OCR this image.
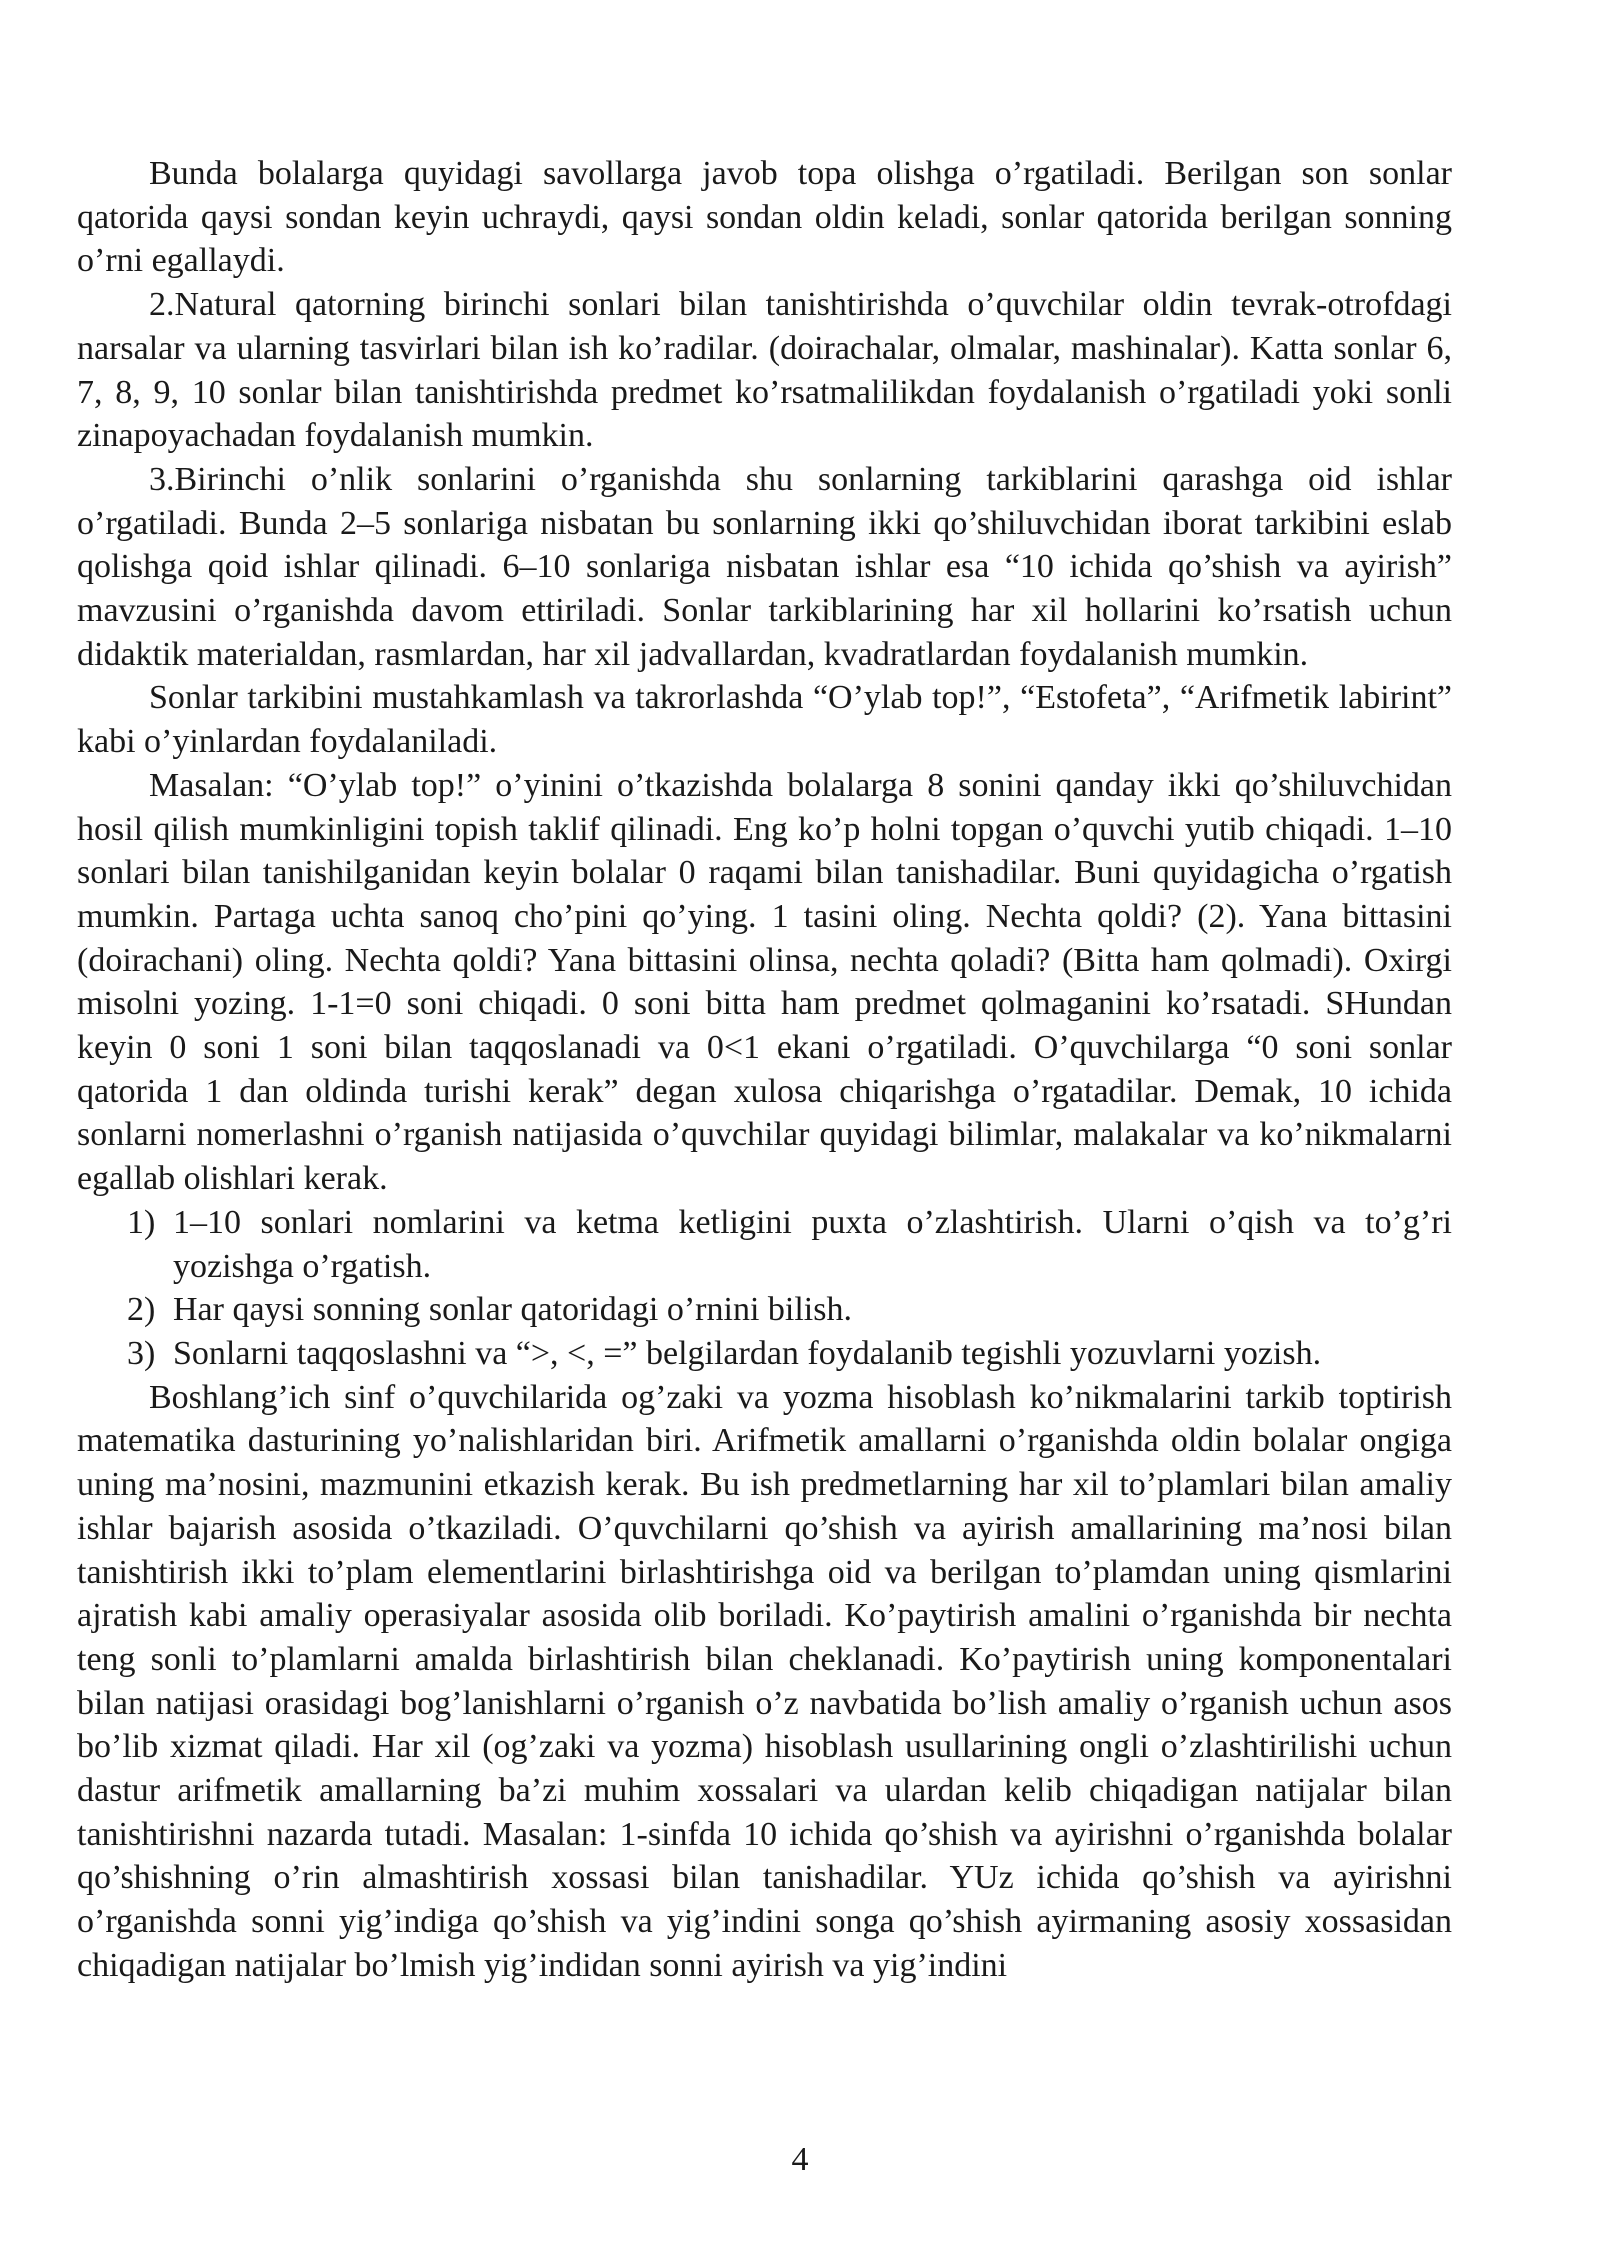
Bunda bolalarga quyidagi savollarga javob topa olishga o’rgatiladi. Berilgan son sonlar qatorida qaysi sondan keyin uchraydi, qaysi sondan oldin keladi, sonlar qatorida berilgan sonning o’rni egallaydi.

2.Natural qatorning birinchi sonlari bilan tanishtirishda o’quvchilar oldin tevrak-otrofdagi narsalar va ularning tasvirlari bilan ish ko’radilar. (doirachalar, olmalar, mashinalar). Katta sonlar 6, 7, 8, 9, 10 sonlar bilan tanishtirishda predmet ko’rsatmalilikdan foydalanish o’rgatiladi yoki sonli zinapoyachadan foydalanish mumkin.

3.Birinchi o’nlik sonlarini o’rganishda shu sonlarning tarkiblarini qarashga oid ishlar o’rgatiladi. Bunda 2–5 sonlariga nisbatan bu sonlarning ikki qo’shiluvchidan iborat tarkibini eslab qolishga qoid ishlar qilinadi. 6–10 sonlariga nisbatan ishlar esa “10 ichida qo’shish va ayirish” mavzusini o’rganishda davom ettiriladi. Sonlar tarkiblarining har xil hollarini ko’rsatish uchun didaktik materialdan, rasmlardan, har xil jadvallardan, kvadratlardan foydalanish mumkin.

Sonlar tarkibini mustahkamlash va takrorlashda “O’ylab top!”, “Estofeta”, “Arifmetik labirint” kabi o’yinlardan foydalaniladi.

Masalan: “O’ylab top!” o’yinini o’tkazishda bolalarga 8 sonini qanday ikki qo’shiluvchidan hosil qilish mumkinligini topish taklif qilinadi. Eng ko’p holni topgan o’quvchi yutib chiqadi. 1–10 sonlari bilan tanishilganidan keyin bolalar 0 raqami bilan tanishadilar. Buni quyidagicha o’rgatish mumkin. Partaga uchta sanoq cho’pini qo’ying. 1 tasini oling. Nechta qoldi? (2). Yana bittasini (doirachani) oling. Nechta qoldi? Yana bittasini olinsa, nechta qoladi? (Bitta ham qolmadi). Oxirgi misolni yozing. 1-1=0 soni chiqadi. 0 soni bitta ham predmet qolmaganini ko’rsatadi. SHundan keyin 0 soni 1 soni bilan taqqoslanadi va 0<1 ekani o’rgatiladi. O’quvchilarga “0 soni sonlar qatorida 1 dan oldinda turishi kerak” degan xulosa chiqarishga o’rgatadilar. Demak, 10 ichida sonlarni nomerlashni o’rganish natijasida o’quvchilar quyidagi bilimlar, malakalar va ko’nikmalarni egallab olishlari kerak.

1) 1–10 sonlari nomlarini va ketma ketligini puxta o’zlashtirish. Ularni o’qish va to’g’ri yozishga o’rgatish.
2) Har qaysi sonning sonlar qatoridagi o’rnini bilish.
3) Sonlarni taqqoslashni va “>, <, =” belgilardan foydalanib tegishli yozuvlarni yozish.

Boshlang’ich sinf o’quvchilarida og’zaki va yozma hisoblash ko’nikmalarini tarkib toptirish matematika dasturining yo’nalishlaridan biri. Arifmetik amallarni o’rganishda oldin bolalar ongiga uning ma’nosini, mazmunini etkazish kerak. Bu ish predmetlarning har xil to’plamlari bilan amaliy ishlar bajarish asosida o’tkaziladi. O’quvchilarni qo’shish va ayirish amallarining ma’nosi bilan tanishtirish ikki to’plam elementlarini birlashtirishga oid va berilgan to’plamdan uning qismlarini ajratish kabi amaliy operasiyalar asosida olib boriladi. Ko’paytirish amalini o’rganishda bir nechta teng sonli to’plamlarni amalda birlashtirish bilan cheklanadi. Ko’paytirish uning komponentalari bilan natijasi orasidagi bog’lanishlarni o’rganish o’z navbatida bo’lish amaliy o’rganish uchun asos bo’lib xizmat qiladi. Har xil (og’zaki va yozma) hisoblash usullarining ongli o’zlashtirilishi uchun dastur arifmetik amallarning ba’zi muhim xossalari va ulardan kelib chiqadigan natijalar bilan tanishtirishni nazarda tutadi. Masalan: 1-sinfda 10 ichida qo’shish va ayirishni o’rganishda bolalar qo’shishning o’rin almashtirish xossasi bilan tanishadilar. YUz ichida qo’shish va ayirishni o’rganishda sonni yig’indiga qo’shish va yig’indini songa qo’shish ayirmaning asosiy xossasidan chiqadigan natijalar bo’lmish yig’indidan sonni ayirish va yig’indini

4
